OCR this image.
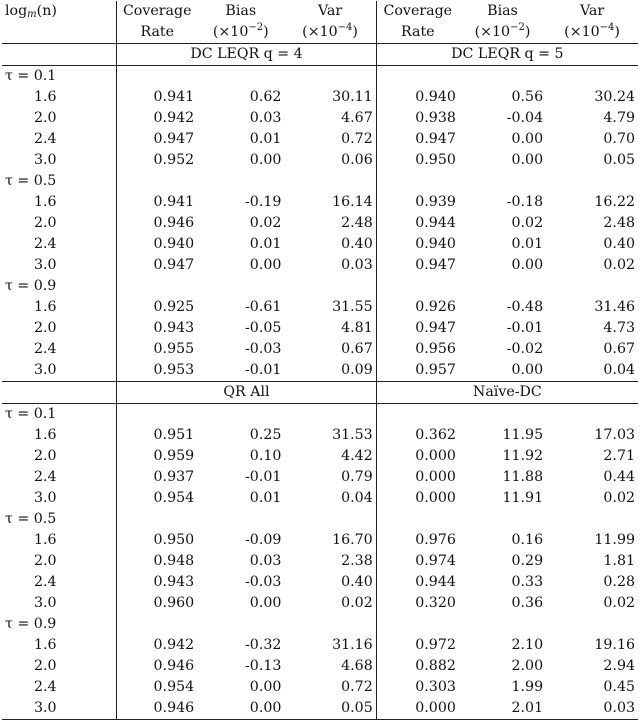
$\log_m(n)$	Coverage	Bias	Var	Coverage	Bias	Var
	Rate	$(\times 10^{-2})$	$(\times 10^{-4})$	Rate	$(\times 10^{-2})$	$(\times 10^{-4})$
	DC LEQR q = 4			DC LEQR q = 5		
τ = 0.1						
1.6	0.941	0.62	30.11	0.940	0.56	30.24
2.0	0.942	0.03	4.67	0.938	-0.04	4.79
2.4	0.947	0.01	0.72	0.947	0.00	0.70
3.0	0.952	0.00	0.06	0.950	0.00	0.05
τ = 0.5						
1.6	0.941	-0.19	16.14	0.939	-0.18	16.22
2.0	0.946	0.02	2.48	0.944	0.02	2.48
2.4	0.940	0.01	0.40	0.940	0.01	0.40
3.0	0.947	0.00	0.03	0.947	0.00	0.02
τ = 0.9						
1.6	0.925	-0.61	31.55	0.926	-0.48	31.46
2.0	0.943	-0.05	4.81	0.947	-0.01	4.73
2.4	0.955	-0.03	0.67	0.956	-0.02	0.67
3.0	0.953	-0.01	0.09	0.957	0.00	0.04
	QR All			Naïve-DC		
τ = 0.1						
1.6	0.951	0.25	31.53	0.362	11.95	17.03
2.0	0.959	0.10	4.42	0.000	11.92	2.71
2.4	0.937	-0.01	0.79	0.000	11.88	0.44
3.0	0.954	0.01	0.04	0.000	11.91	0.02
τ = 0.5						
1.6	0.950	-0.09	16.70	0.976	0.16	11.99
2.0	0.948	0.03	2.38	0.974	0.29	1.81
2.4	0.943	-0.03	0.40	0.944	0.33	0.28
3.0	0.960	0.00	0.02	0.320	0.36	0.02
τ = 0.9						
1.6	0.942	-0.32	31.16	0.972	2.10	19.16
2.0	0.946	-0.13	4.68	0.882	2.00	2.94
2.4	0.954	0.00	0.72	0.303	1.99	0.45
3.0	0.946	0.00	0.05	0.000	2.01	0.03
